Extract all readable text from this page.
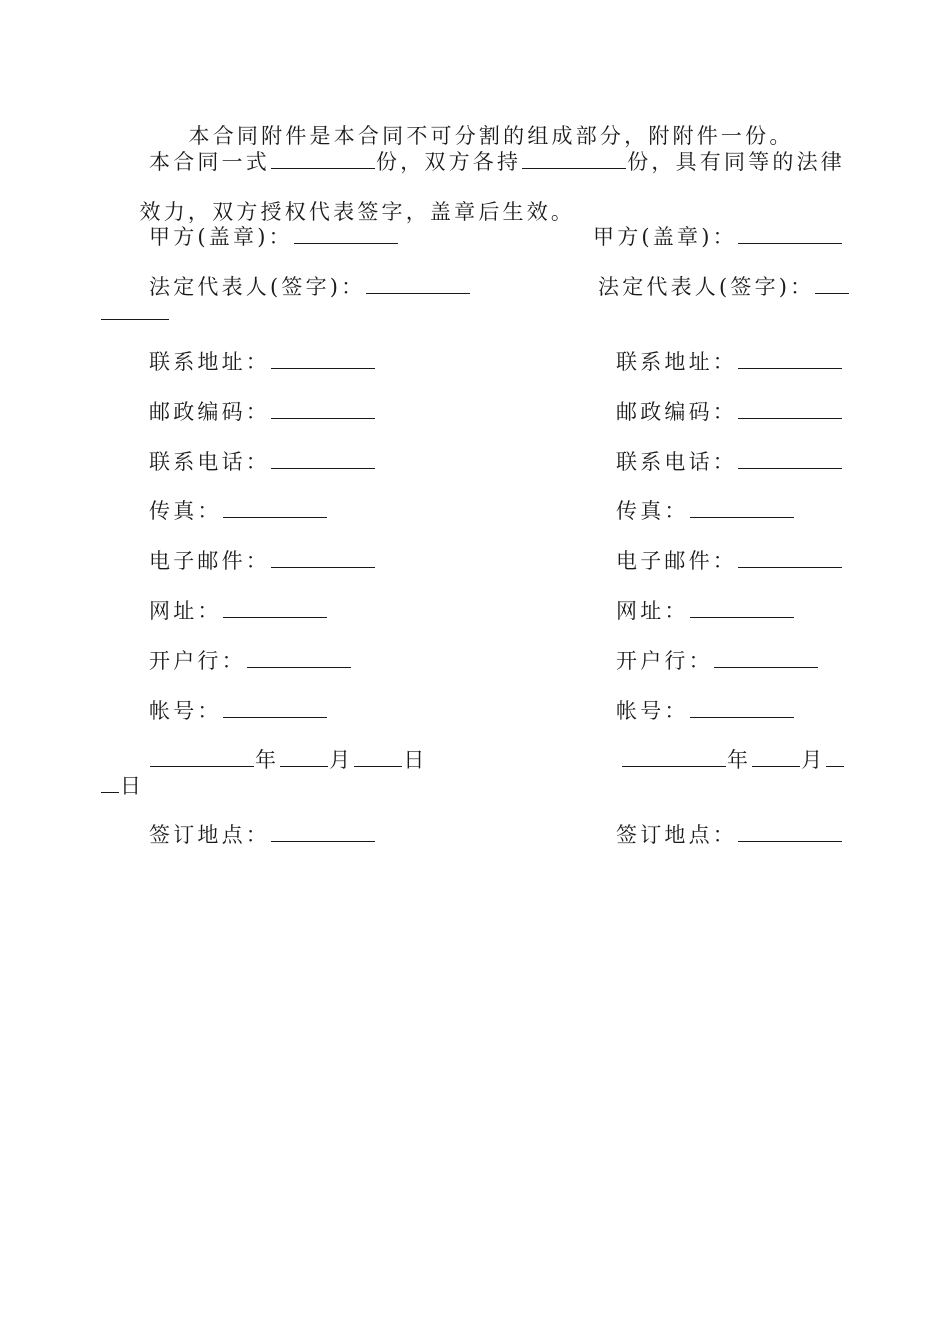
本合同附件是本合同不可分割的组成部分，附附件一份。

本合同一式	份，双方各持	份，具有同等的法律

效力，双方授权代表签字，盖章后生效。

甲方(盖章)：	甲方(盖章)：
法定代表人(签字)：	法定代表人(签字)：
联系地址：	联系地址：
邮政编码：	邮政编码：
联系电话：	联系电话：
传真：	传真：
电子邮件：	电子邮件：
网址：	网址：
开户行：	开户行：
帐号：	帐号：
年 月 日	年 月
日
签订地点：	签订地点：
